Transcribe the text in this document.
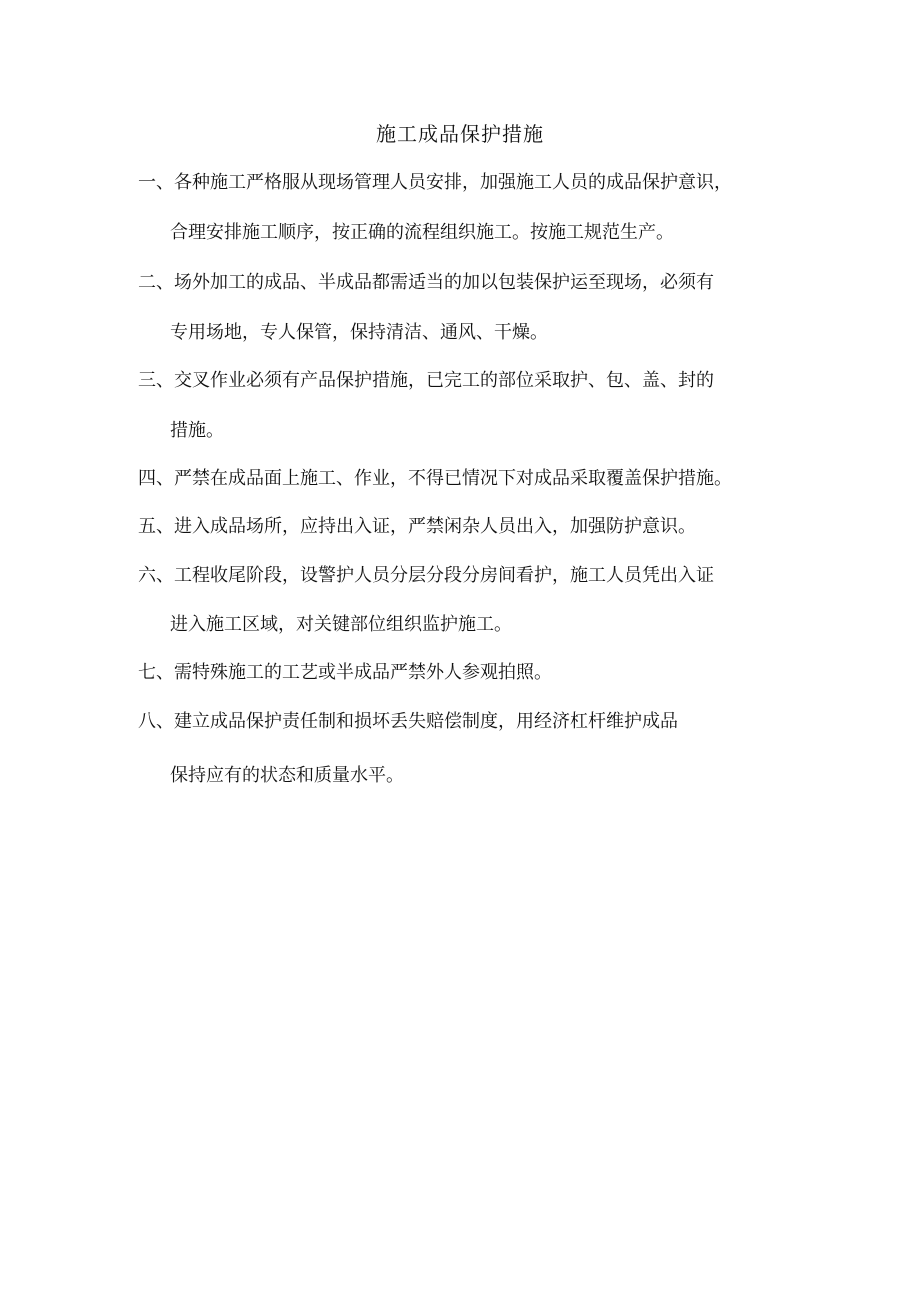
施工成品保护措施
一、各种施工严格服从现场管理人员安排，加强施工人员的成品保护意识，
合理安排施工顺序，按正确的流程组织施工。按施工规范生产。
二、场外加工的成品、半成品都需适当的加以包装保护运至现场，必须有
专用场地，专人保管，保持清洁、通风、干燥。
三、交叉作业必须有产品保护措施，已完工的部位采取护、包、盖、封的
措施。
四、严禁在成品面上施工、作业，不得已情况下对成品采取覆盖保护措施。
五、进入成品场所，应持出入证，严禁闲杂人员出入，加强防护意识。
六、工程收尾阶段，设警护人员分层分段分房间看护，施工人员凭出入证
进入施工区域，对关键部位组织监护施工。
七、需特殊施工的工艺或半成品严禁外人参观拍照。
八、建立成品保护责任制和损坏丢失赔偿制度，用经济杠杆维护成品
保持应有的状态和质量水平。
